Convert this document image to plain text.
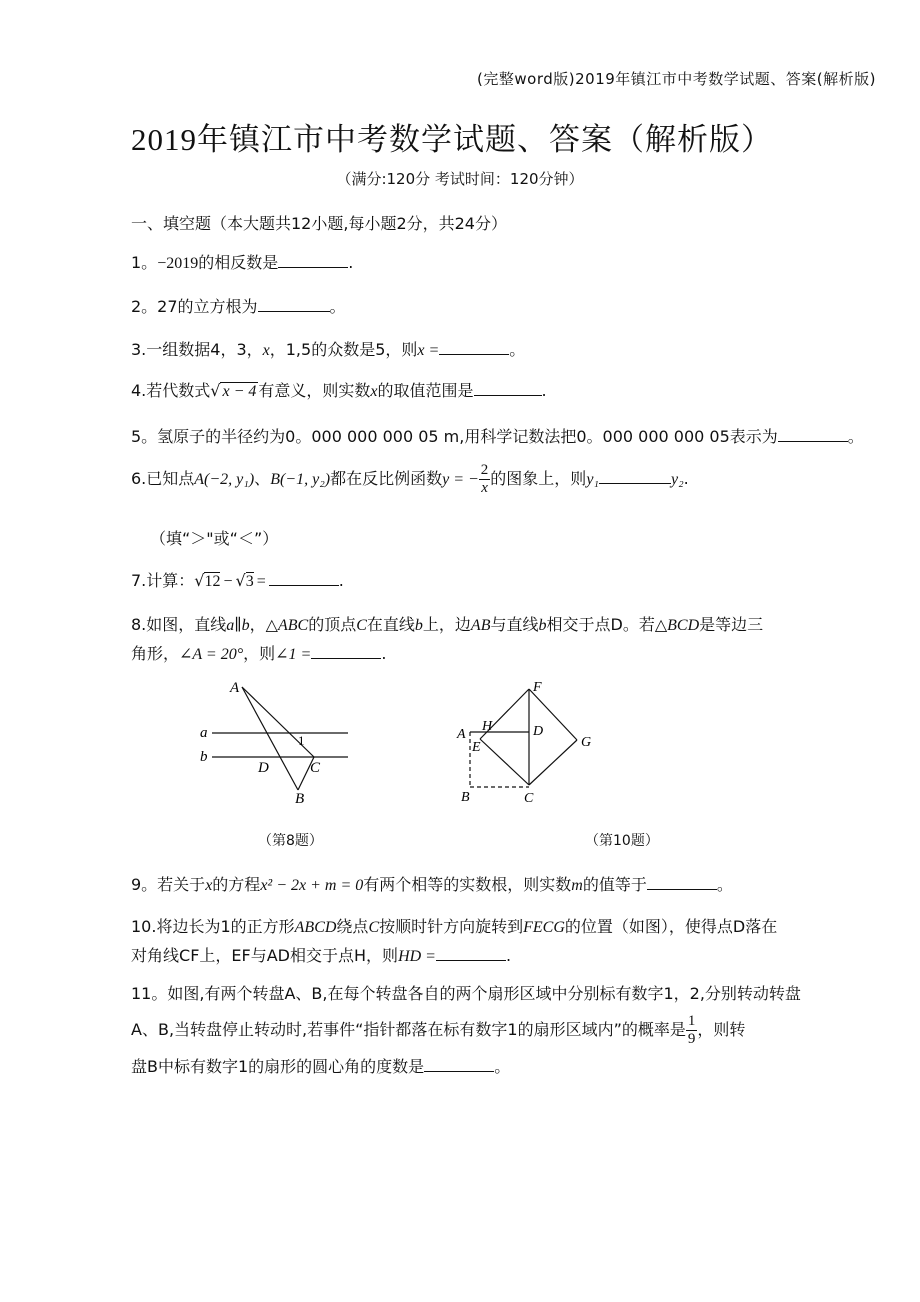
(完整word版)2019年镇江市中考数学试题、答案(解析版)
2019年镇江市中考数学试题、答案（解析版）
（满分:120分 考试时间：120分钟）
一、填空题（本大题共12小题,每小题2分，共24分）
1。−2019的相反数是	.
2。27的立方根为	。
3.一组数据4，3，x，1,5的众数是5，则x =	。
4.若代数式√ x − 4 有意义，则实数x的取值范围是	.
5。氢原子的半径约为0。000 000 000 05 m,用科学记数法把0。000 000 000 05表示为	。
6.已知点A(−2, y₁)、B(−1, y₂)都在反比例函数y = − $\frac{2}{x}$ 的图象上，则y₁	y₂.
（填“＞"或“＜”）
7.计算：√12 − √3 =	.
8.如图，直线a∥b，△ABC的顶点C在直线b上，边AB与直线b相交于点D。若△BCD是等边三
角形，∠A = 20°，则∠1 =	.
A
a
b
1
D	C
B
F
A
H	D
E	G
B	C
（第8题）	（第10题）
9。若关于x的方程x² − 2x + m = 0有两个相等的实数根，则实数m的值等于	。
10.将边长为1的正方形ABCD绕点C按顺时针方向旋转到FECG的位置（如图），使得点D落在
对角线CF上，EF与AD相交于点H，则HD =	.
11。如图,有两个转盘A、B,在每个转盘各自的两个扇形区域中分别标有数字1，2,分别转动转盘
A、B,当转盘停止转动时,若事件“指针都落在标有数字1的扇形区域内”的概率是 $\frac{1}{9}$ ，则转
盘B中标有数字1的扇形的圆心角的度数是	。
